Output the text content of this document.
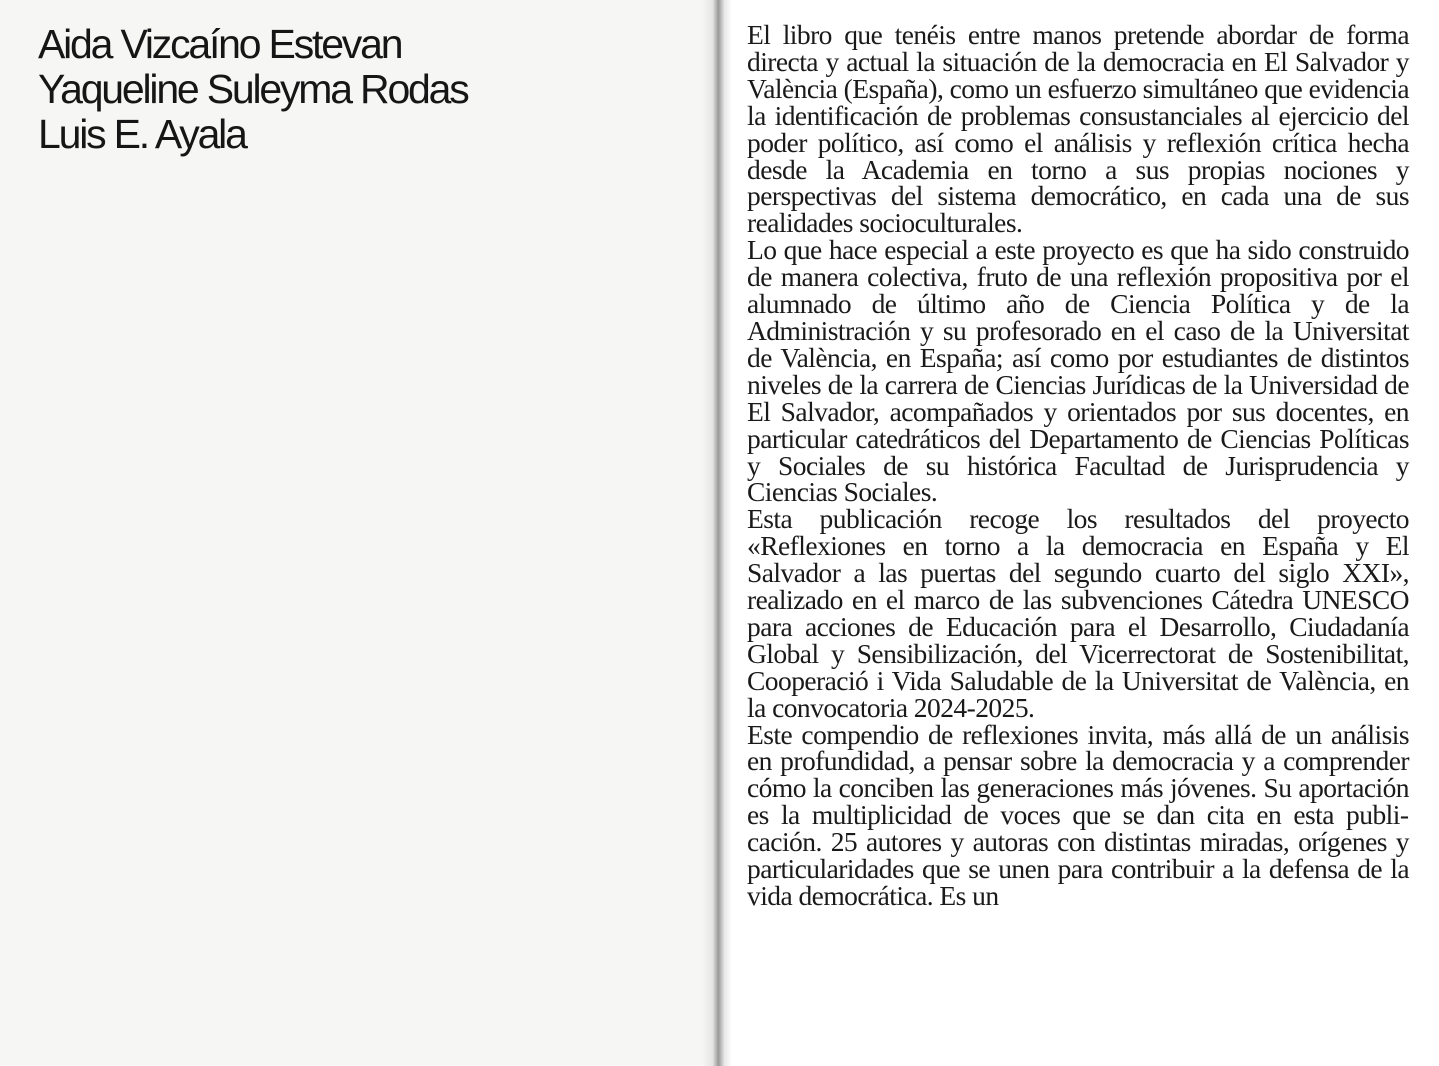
Aida Vizcaíno Estevan
Yaqueline Suleyma Rodas
Luis E. Ayala

El libro que tenéis entre manos pretende abordar de forma directa y actual la situación de la democracia en El Salvador y València (España), como un esfuerzo simultáneo que evidencia la identificación de problemas consustanciales al ejercicio del poder político, así como el análisis y reflexión crítica hecha desde la Academia en torno a sus propias nociones y perspectivas del sistema democrático, en cada una de sus realidades socioculturales.

Lo que hace especial a este proyecto es que ha sido construido de manera colectiva, fruto de una reflexión propositiva por el alumnado de último año de Ciencia Política y de la Administración y su profesorado en el caso de la Universitat de València, en España; así como por estudiantes de distintos niveles de la carrera de Ciencias Jurídicas de la Universidad de El Salvador, acompañados y orientados por sus docentes, en particular catedráticos del Departamento de Ciencias Políticas y Sociales de su histórica Facultad de Jurisprudencia y Ciencias Sociales.

Esta publicación recoge los resultados del proyecto «Reflexiones en torno a la democracia en España y El Salvador a las puertas del segundo cuarto del siglo XXI», realizado en el marco de las subvenciones Cátedra UNESCO para acciones de Educación para el Desarrollo, Ciudadanía Global y Sensibilización, del Vicerrectorat de Sostenibilitat, Cooperació i Vida Saludable de la Universitat de València, en la convocatoria 2024-2025.

Este compendio de reflexiones invita, más allá de un análisis en profundidad, a pensar sobre la democracia y a comprender cómo la conciben las generaciones más jóvenes. Su aportación es la multiplicidad de voces que se dan cita en esta publicación. 25 autores y autoras con distintas miradas, orígenes y particularidades que se unen para contribuir a la defensa de la vida democrática. Es un
